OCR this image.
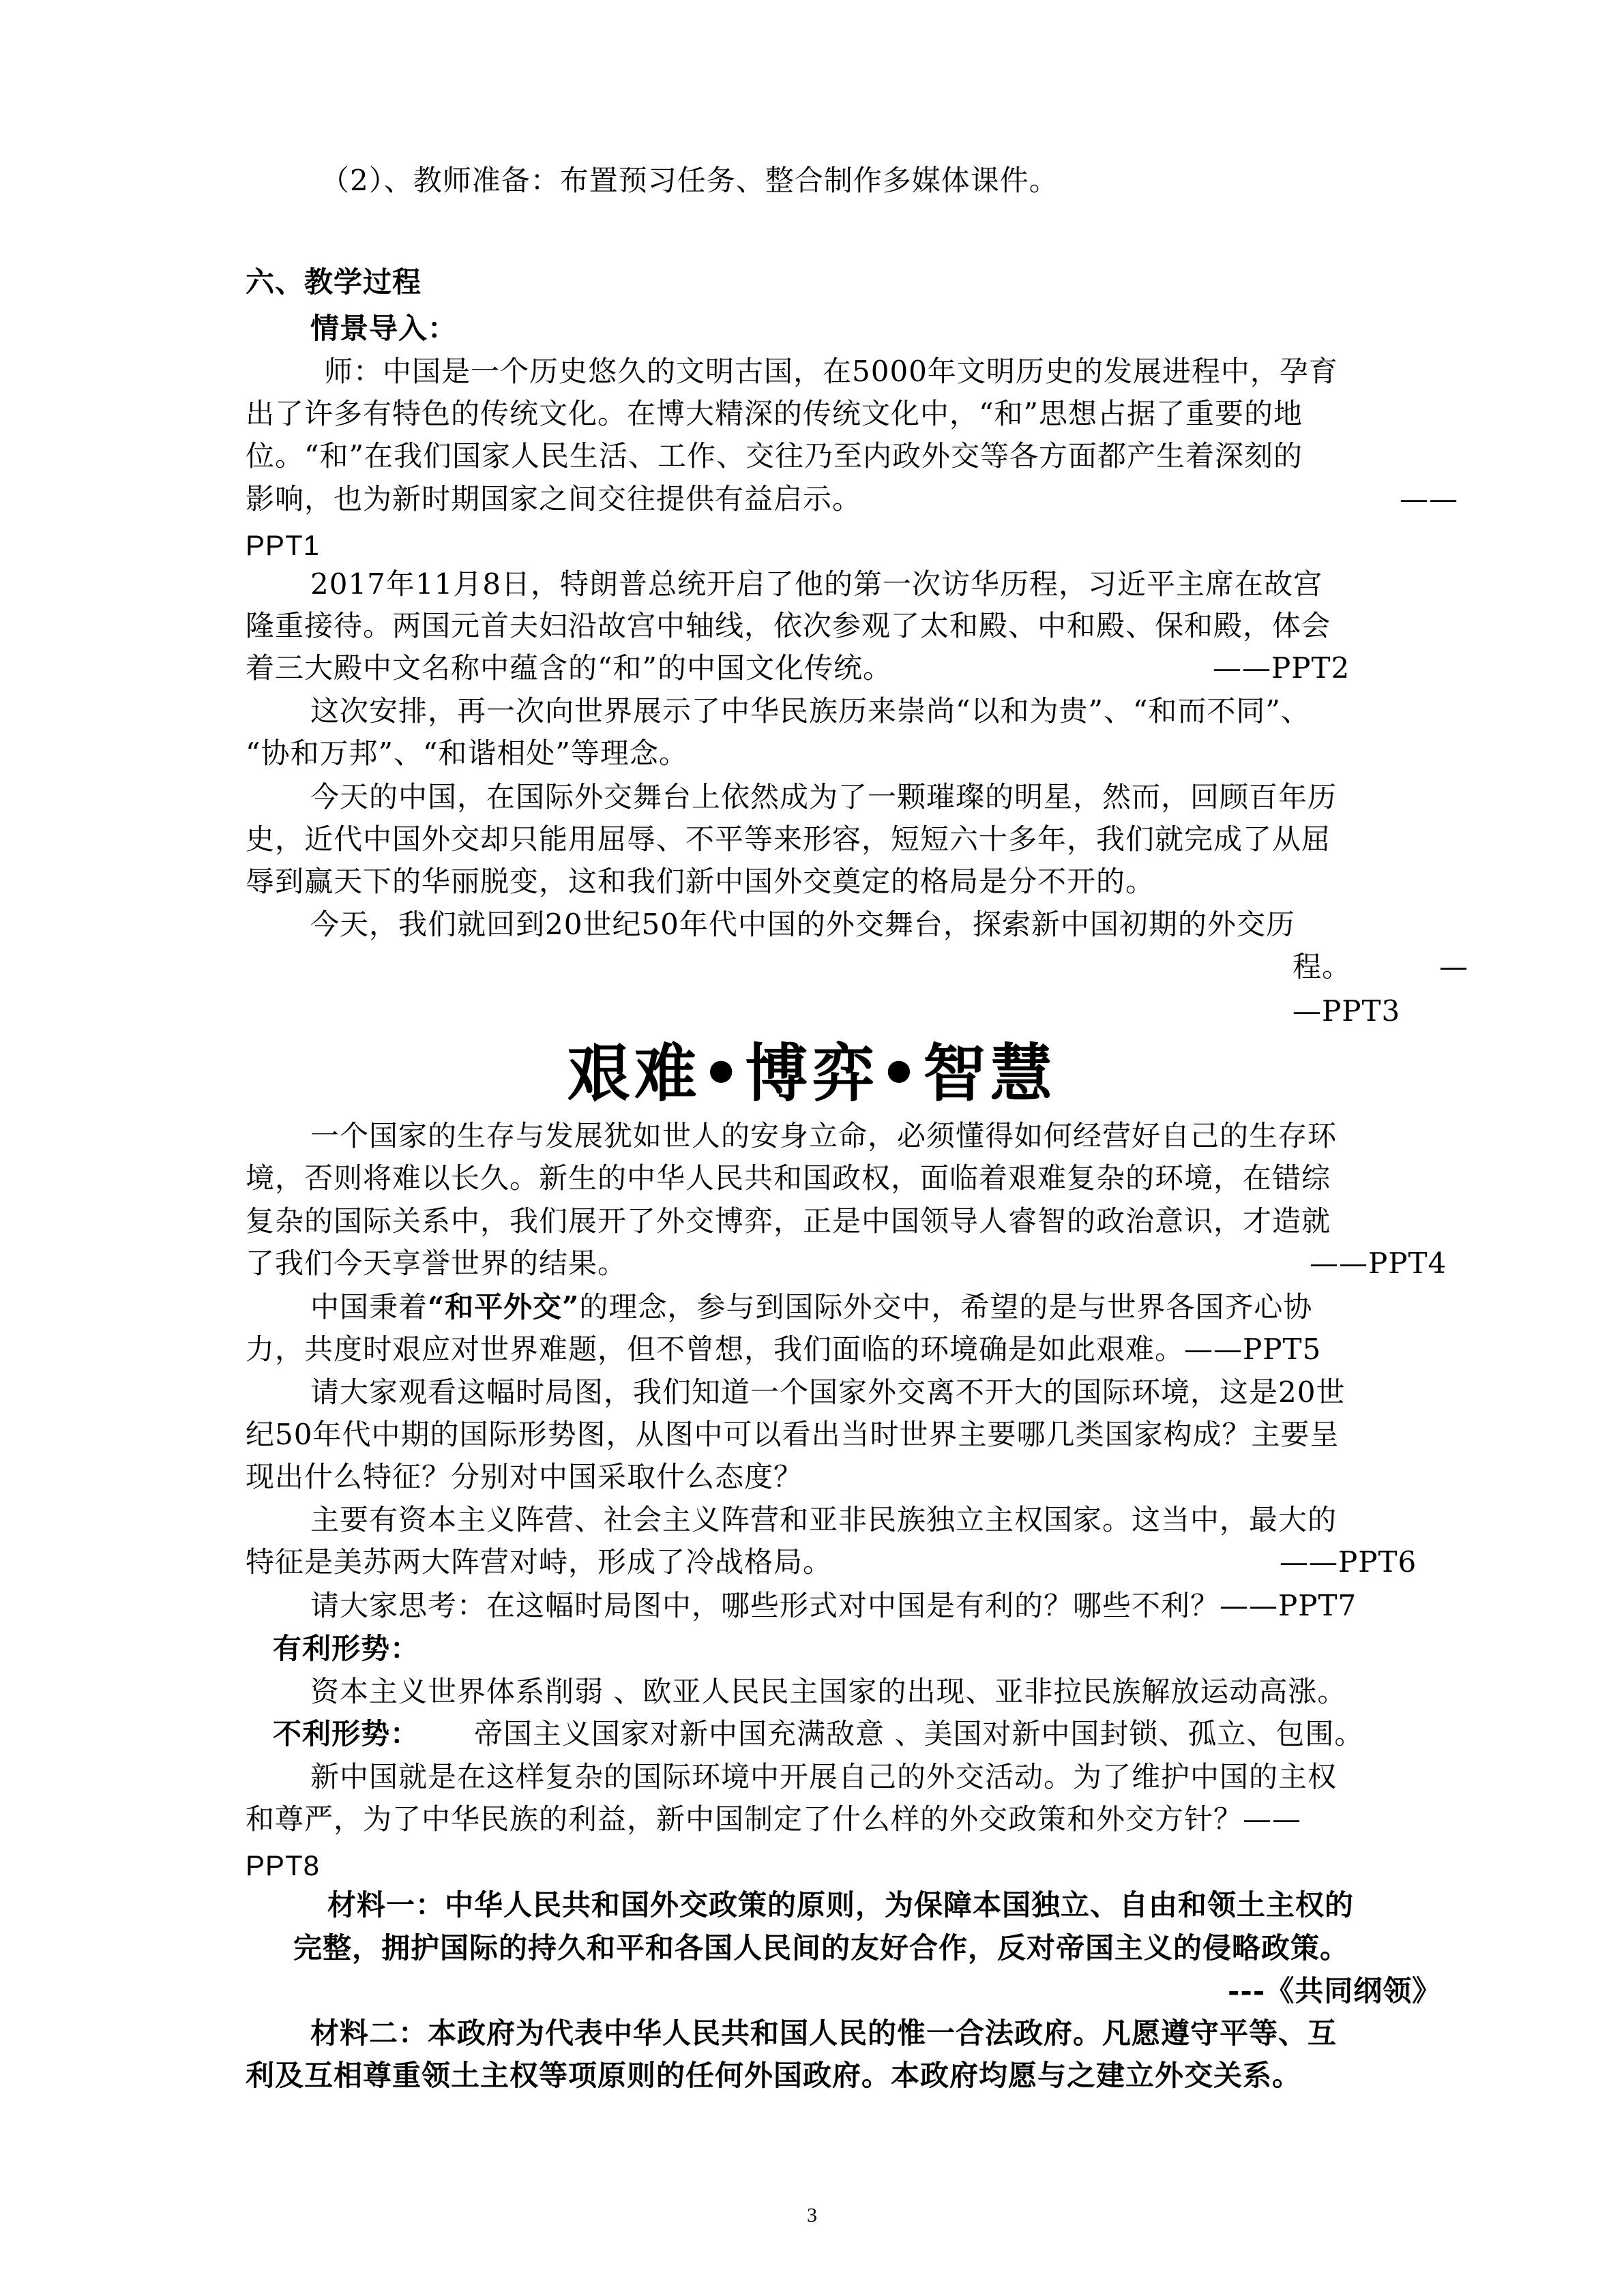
（2）、教师准备：布置预习任务、整合制作多媒体课件。
六、教学过程
情景导入：
师：中国是一个历史悠久的文明古国，在5000年文明历史的发展进程中，孕育
出了许多有特色的传统文化。在博大精深的传统文化中，“和”思想占据了重要的地
位。“和”在我们国家人民生活、工作、交往乃至内政外交等各方面都产生着深刻的
影响，也为新时期国家之间交往提供有益启示。	——
PPT1
2017年11月8日，特朗普总统开启了他的第一次访华历程，习近平主席在故宫
隆重接待。两国元首夫妇沿故宫中轴线，依次参观了太和殿、中和殿、保和殿，体会
着三大殿中文名称中蕴含的“和”的中国文化传统。	——PPT2
这次安排，再一次向世界展示了中华民族历来崇尚“以和为贵”、“和而不同”、
“协和万邦”、“和谐相处”等理念。
今天的中国，在国际外交舞台上依然成为了一颗璀璨的明星，然而，回顾百年历
史，近代中国外交却只能用屈辱、不平等来形容，短短六十多年，我们就完成了从屈
辱到赢天下的华丽脱变，这和我们新中国外交奠定的格局是分不开的。
今天，我们就回到20世纪50年代中国的外交舞台，探索新中国初期的外交历
程。	—
—PPT3
艰难•博弈•智慧
一个国家的生存与发展犹如世人的安身立命，必须懂得如何经营好自己的生存环
境，否则将难以长久。新生的中华人民共和国政权，面临着艰难复杂的环境，在错综
复杂的国际关系中，我们展开了外交博弈，正是中国领导人睿智的政治意识，才造就
了我们今天享誉世界的结果。	——PPT4
中国秉着“和平外交”的理念，参与到国际外交中，希望的是与世界各国齐心协
力，共度时艰应对世界难题，但不曾想，我们面临的环境确是如此艰难。——PPT5
请大家观看这幅时局图，我们知道一个国家外交离不开大的国际环境，这是20世
纪50年代中期的国际形势图，从图中可以看出当时世界主要哪几类国家构成？主要呈
现出什么特征？分别对中国采取什么态度？
主要有资本主义阵营、社会主义阵营和亚非民族独立主权国家。这当中，最大的
特征是美苏两大阵营对峙，形成了冷战格局。	——PPT6
请大家思考：在这幅时局图中，哪些形式对中国是有利的？哪些不利？——PPT7
有利形势：
资本主义世界体系削弱 、欧亚人民民主国家的出现、亚非拉民族解放运动高涨。
不利形势： 帝国主义国家对新中国充满敌意 、美国对新中国封锁、孤立、包围。
新中国就是在这样复杂的国际环境中开展自己的外交活动。为了维护中国的主权
和尊严，为了中华民族的利益，新中国制定了什么样的外交政策和外交方针？——
PPT8
材料一：中华人民共和国外交政策的原则，为保障本国独立、自由和领土主权的
完整，拥护国际的持久和平和各国人民间的友好合作，反对帝国主义的侵略政策。
---《共同纲领》
材料二：本政府为代表中华人民共和国人民的惟一合法政府。凡愿遵守平等、互
利及互相尊重领土主权等项原则的任何外国政府。本政府均愿与之建立外交关系。
3
